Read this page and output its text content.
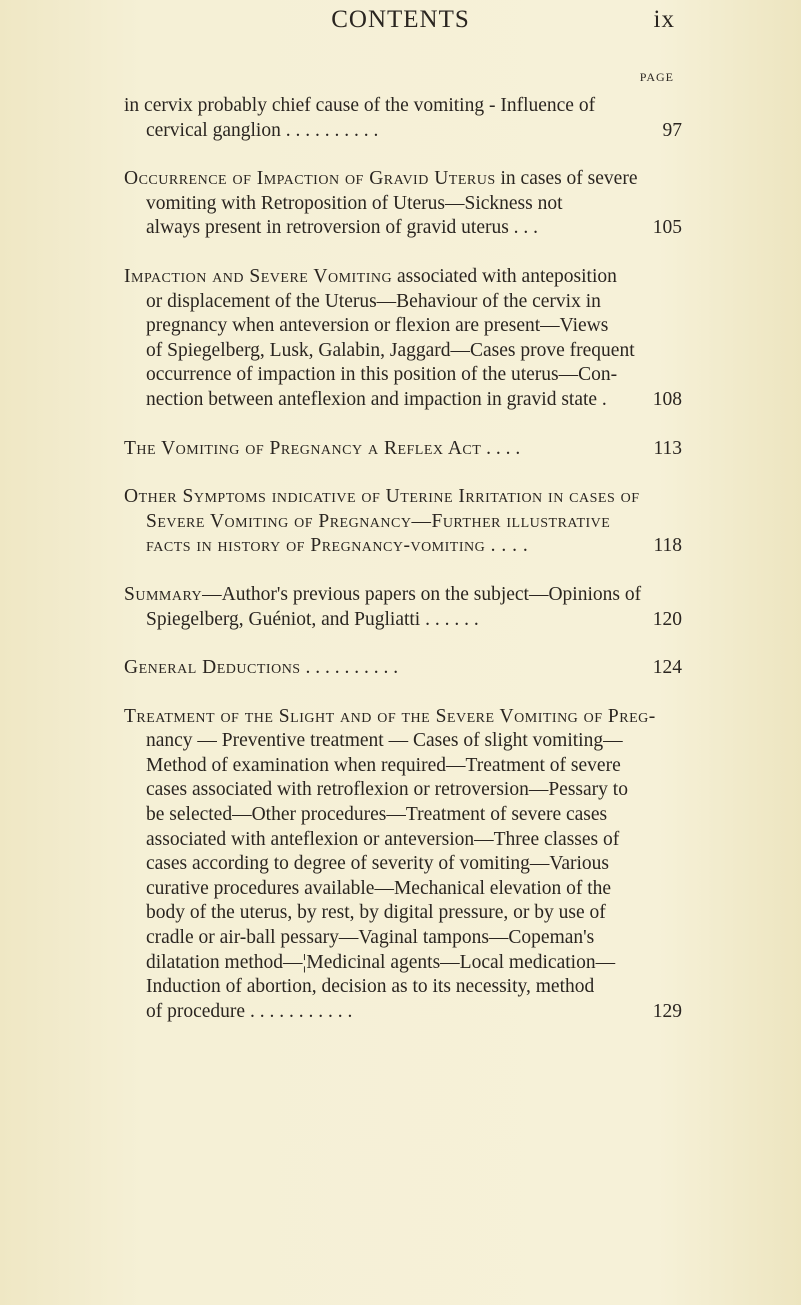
CONTENTS	ix
PAGE
in cervix probably chief cause of the vomiting - Influence of
cervical ganglion . . . . . . . . . .	97
Occurrence of Impaction of Gravid Uterus in cases of severe
vomiting with Retroposition of Uterus—Sickness not
always present in retroversion of gravid uterus . . .	105
Impaction and Severe Vomiting associated with anteposition
or displacement of the Uterus—Behaviour of the cervix in
pregnancy when anteversion or flexion are present—Views
of Spiegelberg, Lusk, Galabin, Jaggard—Cases prove frequent
occurrence of impaction in this position of the uterus—Con-
nection between anteflexion and impaction in gravid state .	108
The Vomiting of Pregnancy a Reflex Act . . . .	113
Other Symptoms indicative of Uterine Irritation in cases of
Severe Vomiting of Pregnancy—Further illustrative
facts in history of Pregnancy-vomiting . . . .	118
Summary—Author's previous papers on the subject—Opinions of
Spiegelberg, Guéniot, and Pugliatti . . . . . .	120
General Deductions . . . . . . . . . .	124
Treatment of the Slight and of the Severe Vomiting of Preg-
nancy — Preventive treatment — Cases of slight vomiting—
Method of examination when required—Treatment of severe
cases associated with retroflexion or retroversion—Pessary to
be selected—Other procedures—Treatment of severe cases
associated with anteflexion or anteversion—Three classes of
cases according to degree of severity of vomiting—Various
curative procedures available—Mechanical elevation of the
body of the uterus, by rest, by digital pressure, or by use of
cradle or air-ball pessary—Vaginal tampons—Copeman's
dilatation method—¦Medicinal agents—Local medication—
Induction of abortion, decision as to its necessity, method
of procedure . . . . . . . . . . .	129
